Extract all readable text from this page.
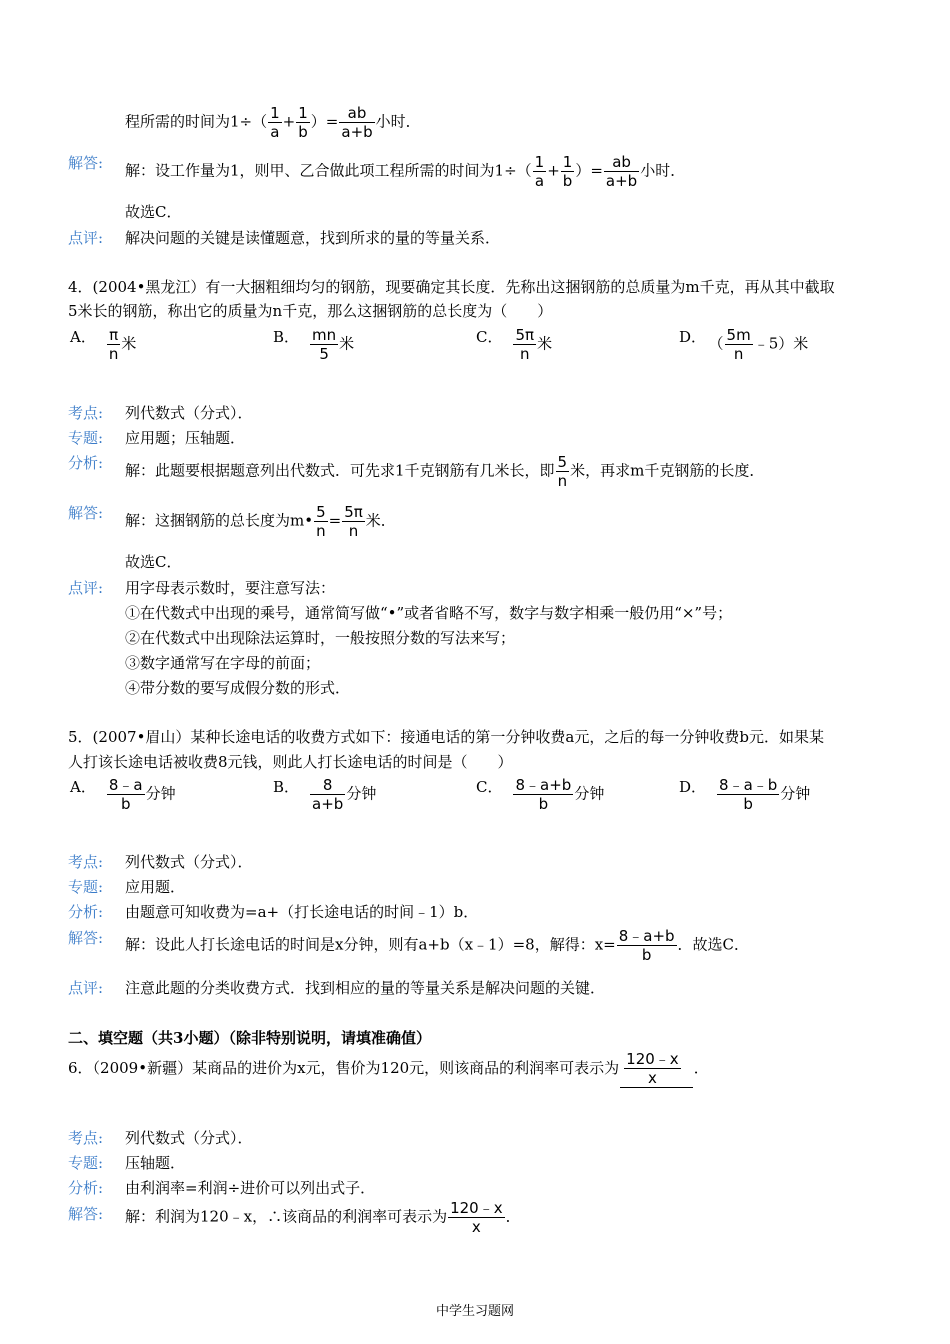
程所需的时间为$1\div( \frac{1}{a} + \frac{1}{b}$ ）= $\frac{ab}{a+b}$ 小时．
解答: 解：设工作量为1，则甲、乙合做此项工程所需的时间为$1\div( \frac{1}{a} + \frac{1}{b}$ ）= $\frac{ab}{a+b}$ 小时．
故选C．
点评: 解决问题的关键是读懂题意，找到所求的量的等量关系．
4．(2004•黑龙江）有一大捆粗细均匀的钢筋，现要确定其长度．先称出这捆钢筋的总质量为m千克，再从其中截取
5米长的钢筋，称出它的质量为n千克，那么这捆钢筋的总长度为（　　）
A． $\frac{\pi}{n}$ 米	B． $\frac{mn}{5}$ 米	C． $\frac{5\pi}{n}$ 米	D． （ $\frac{5m}{n}$ ﹣5）米
考点: 列代数式（分式）．
专题: 应用题；压轴题．
分析: 解：此题要根据题意列出代数式．可先求1千克钢筋有几米长，即 $\frac{5}{n}$ 米，再求m千克钢筋的长度．
解答: 解：这捆钢筋的总长度为m• $\frac{5}{n} = \frac{5\pi}{n}$ 米．
故选C．
点评: 用字母表示数时，要注意写法：
①在代数式中出现的乘号，通常简写做“•”或者省略不写，数字与数字相乘一般仍用“×”号；
②在代数式中出现除法运算时，一般按照分数的写法来写；
③数字通常写在字母的前面；
④带分数的要写成假分数的形式．
5．(2007•眉山）某种长途电话的收费方式如下：接通电话的第一分钟收费a元，之后的每一分钟收费b元．如果某
人打该长途电话被收费8元钱，则此人打长途电话的时间是（　　）
A． $\frac{8﹣a}{b}$ 分钟	B． $\frac{8}{a+b}$ 分钟	C． $\frac{8﹣a+b}{b}$ 分钟	D． $\frac{8﹣a﹣b}{b}$ 分钟
考点: 列代数式（分式）．
专题: 应用题．
分析: 由题意可知收费为=a+（打长途电话的时间﹣1）b．
解答: 解：设此人打长途电话的时间是x分钟，则有a+b（x﹣1）=8，解得：$x= \frac{8﹣a+b}{b}$ ．故选C．
点评: 注意此题的分类收费方式．找到相应的量的等量关系是解决问题的关键．
二、填空题（共3小题）（除非特别说明，请填准确值）
6．（2009•新疆）某商品的进价为x元，售价为120元，则该商品的利润率可表示为 $\frac{120﹣x}{x}$ ．
考点: 列代数式（分式）．
专题: 压轴题．
分析: 由利润率=利润÷进价可以列出式子．
解答: 解：利润为120﹣x，∴该商品的利润率可表示为 $\frac{120﹣x}{x}$ ．
中学生习题网
